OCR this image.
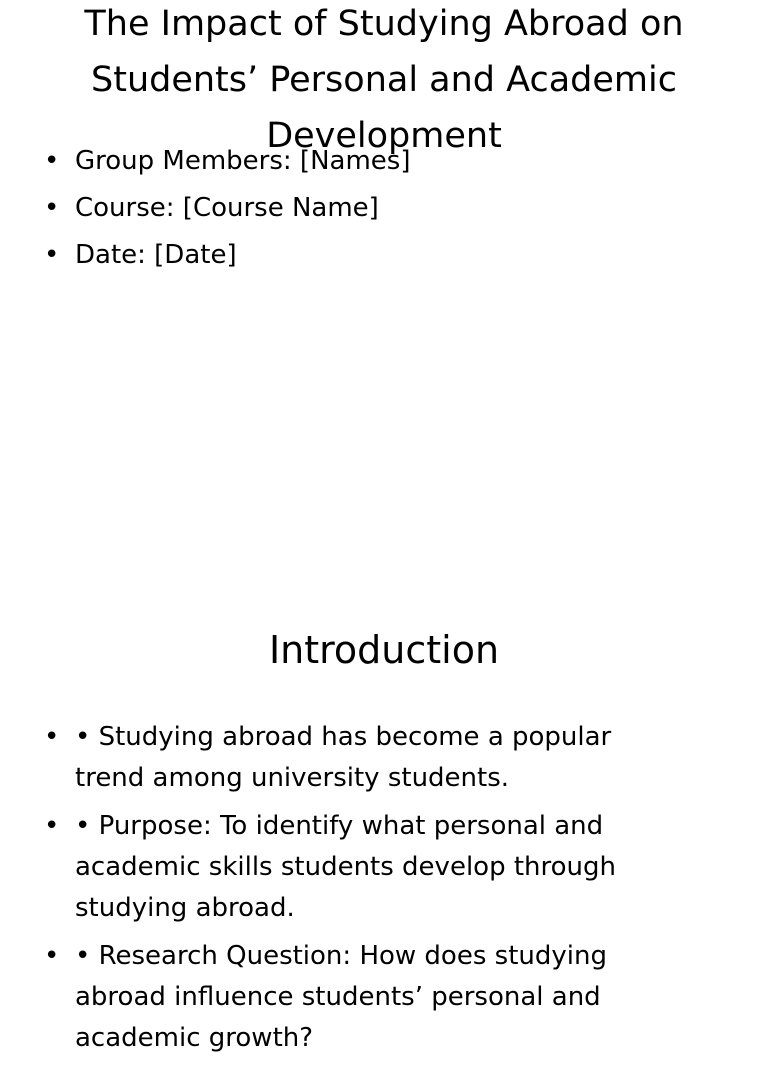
The Impact of Studying Abroad on Students’ Personal and Academic Development
• Group Members: [Names]
• Course: [Course Name]
• Date: [Date]
Introduction
• • Studying abroad has become a popular trend among university students.
• • Purpose: To identify what personal and academic skills students develop through studying abroad.
• • Research Question: How does studying abroad influence students’ personal and academic growth?
